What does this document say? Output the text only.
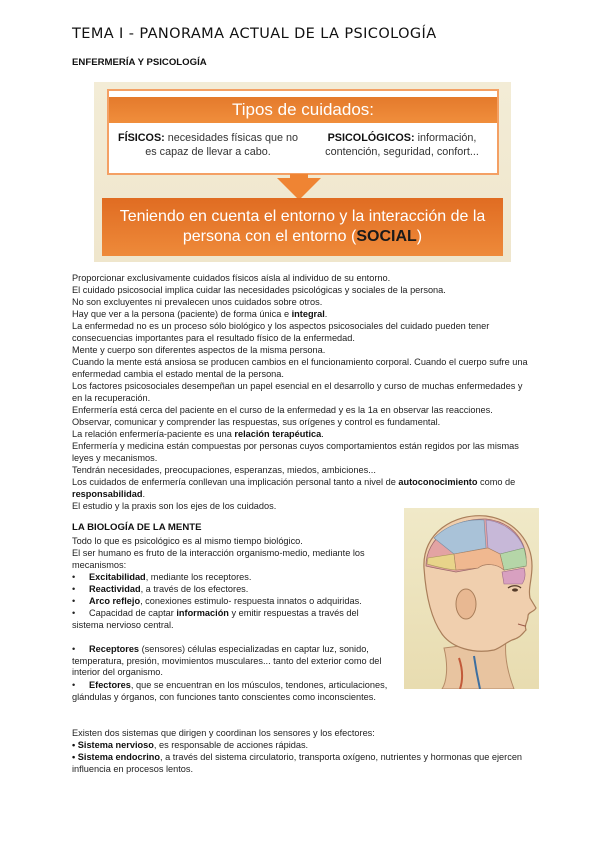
TEMA I - PANORAMA ACTUAL DE LA PSICOLOGÍA
ENFERMERÍA Y PSICOLOGÍA
Tipos de cuidados:
FÍSICOS: necesidades físicas que no es capaz de llevar a cabo.
PSICOLÓGICOS: información, contención, seguridad, confort...
Teniendo en cuenta el entorno y la interacción de la persona con el entorno (SOCIAL)
Proporcionar exclusivamente cuidados físicos aísla al individuo de su entorno.
El cuidado psicosocial implica cuidar las necesidades psicológicas y sociales de la persona.
No son excluyentes ni prevalecen unos cuidados sobre otros.
Hay que ver a la persona (paciente) de forma única e integral.
La enfermedad no es un proceso sólo biológico y los aspectos psicosociales del cuidado pueden tener consecuencias importantes para el resultado físico de la enfermedad.
Mente y cuerpo son diferentes aspectos de la misma persona.
Cuando la mente está ansiosa se producen cambios en el funcionamiento corporal. Cuando el cuerpo sufre una enfermedad cambia el estado mental de la persona.
Los factores psicosociales desempeñan un papel esencial en el desarrollo y curso de muchas enfermedades y en la recuperación.
Enfermería está cerca del paciente en el curso de la enfermedad y es la 1a en observar las reacciones.
Observar, comunicar y comprender las respuestas, sus orígenes y control es fundamental.
La relación enfermería-paciente es una relación terapéutica.
Enfermería y medicina están compuestas por personas cuyos comportamientos están regidos por las mismas leyes y mecanismos.
Tendrán necesidades, preocupaciones, esperanzas, miedos, ambiciones...
Los cuidados de enfermería conllevan una implicación personal tanto a nivel de autoconocimiento como de responsabilidad.
El estudio y la praxis son los ejes de los cuidados.
LA BIOLOGÍA DE LA MENTE
Todo lo que es psicológico es al mismo tiempo biológico.
El ser humano es fruto de la interacción organismo-medio, mediante los mecanismos:
• Excitabilidad, mediante los receptores.
• Reactividad, a través de los efectores.
• Arco reflejo, conexiones estimulo- respuesta innatos o adquiridas.
• Capacidad de captar información y emitir respuestas a través del sistema nervioso central.
• Receptores (sensores) células especializadas en captar luz, sonido, temperatura, presión, movimientos musculares... tanto del exterior como del interior del organismo.
• Efectores, que se encuentran en los músculos, tendones, articulaciones, glándulas y órganos, con funciones tanto conscientes como inconscientes.
Existen dos sistemas que dirigen y coordinan los sensores y los efectores:
• Sistema nervioso, es responsable de acciones rápidas.
• Sistema endocrino, a través del sistema circulatorio, transporta oxígeno, nutrientes y hormonas que ejercen influencia en procesos lentos.
